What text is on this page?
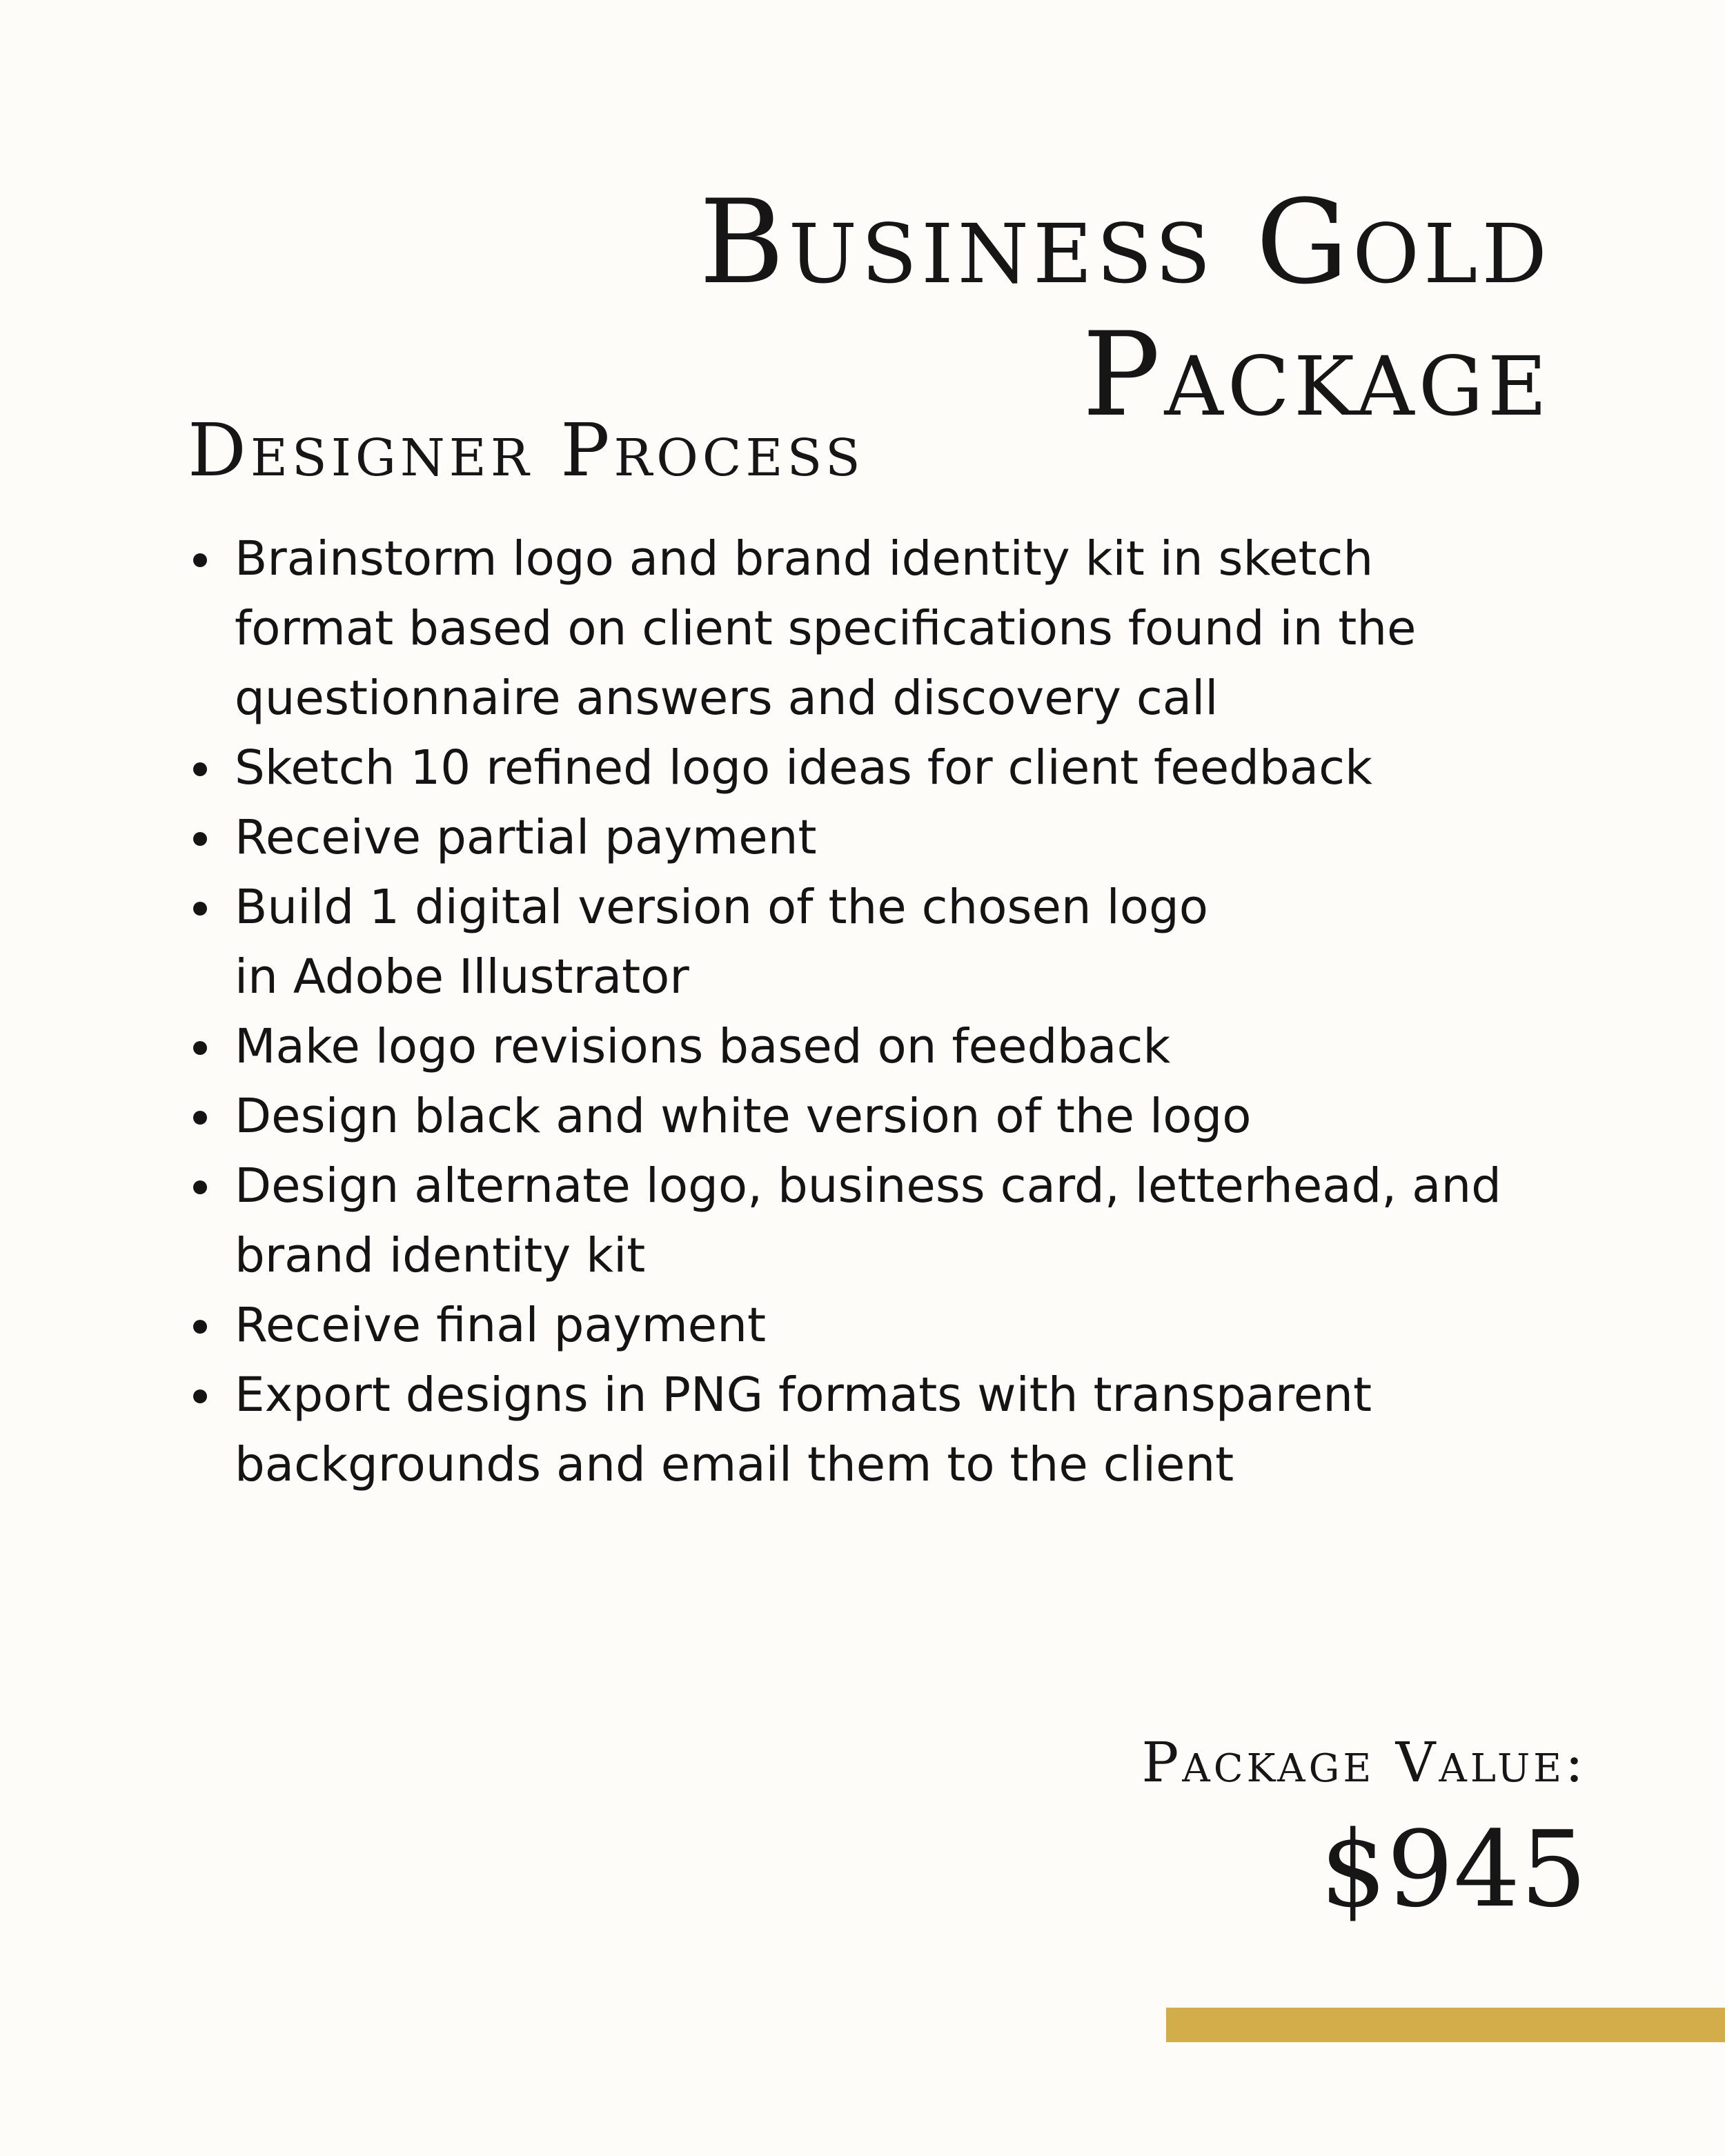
Business Gold
Package
Designer Process
Brainstorm logo and brand identity kit in sketch
format based on client specifications found in the
questionnaire answers and discovery call
Sketch 10 refined logo ideas for client feedback
Receive partial payment
Build 1 digital version of the chosen logo
in Adobe Illustrator
Make logo revisions based on feedback
Design black and white version of the logo
Design alternate logo, business card, letterhead, and
brand identity kit
Receive final payment
Export designs in PNG formats with transparent
backgrounds and email them to the client
Package Value:
$945
